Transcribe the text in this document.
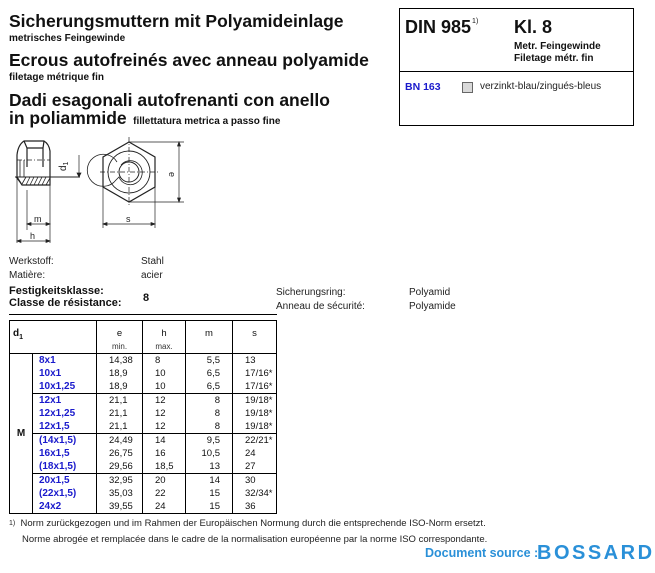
Sicherungsmuttern mit Polyamideinlage
metrisches Feingewinde
Ecrous autofreinés avec anneau polyamide
filetage métrique fin
Dadi esagonali autofrenanti con anello
in poliammide fillettatura metrica a passo fine
DIN 985$^{1)}$ Kl. 8
Metr. Feingewinde
Filetage métr. fin
BN 163	verzinkt-blau/zingués-bleus
$d_1$
m
h
s
e
Werkstoff:	Stahl
Matière:	acier
Festigkeitsklasse:
Classe de résistance: 8	Sicherungsring:	Polyamid
Anneau de sécurité:	Polyamide
$d_1$	e
min.
	h
max.
	m	s
M	8x1	14,38	8	5,5	13
10x1	18,9	10	6,5	17/16*
10x1,25	18,9	10	6,5	17/16*
12x1	21,1	12	8	19/18*
12x1,25	21,1	12	8	19/18*
12x1,5	21,1	12	8	19/18*
(14x1,5)	24,49	14	9,5	22/21*
16x1,5	26,75	16	10,5	24
(18x1,5)	29,56	18,5	13	27
20x1,5	32,95	20	14	30
(22x1,5)	35,03	22	15	32/34*
24x2	39,55	24	15	36
$^{1)}$ Norm zurückgezogen und im Rahmen der Europäischen Normung durch die entsprechende ISO-Norm ersetzt.
Norme abrogée et remplacée dans le cadre de la normalisation européenne par la norme ISO correspondante.
Document source :
BOSSARD
